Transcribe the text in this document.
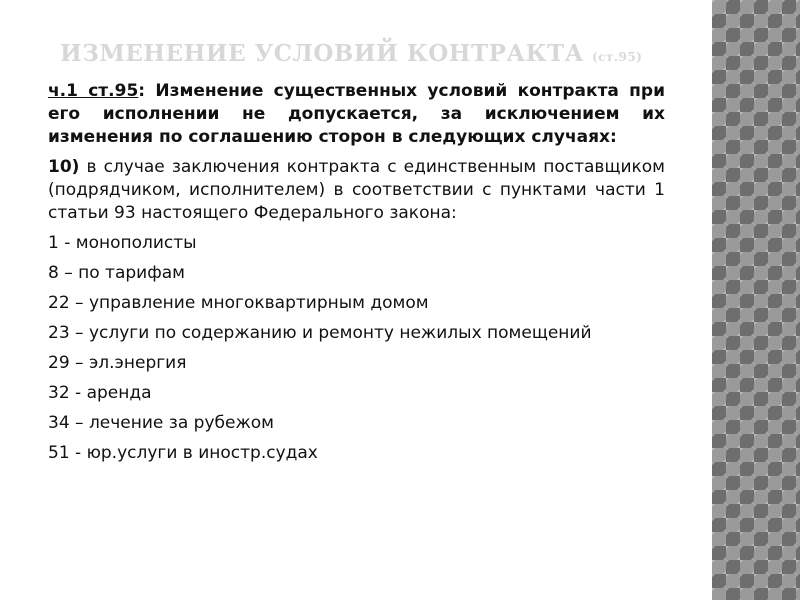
ИЗМЕНЕНИЕ УСЛОВИЙ КОНТРАКТА (ст.95)

ч.1 ст.95: Изменение существенных условий контракта при его исполнении не допускается, за исключением их изменения по соглашению сторон в следующих случаях:

10) в случае заключения контракта с единственным поставщиком (подрядчиком, исполнителем) в соответствии с пунктами части 1 статьи 93 настоящего Федерального закона:

1 - монополисты
8 – по тарифам
22 – управление многоквартирным домом
23 – услуги по содержанию и ремонту нежилых помещений
29 – эл.энергия
32 - аренда
34 – лечение за рубежом
51 - юр.услуги в иностр.судах
